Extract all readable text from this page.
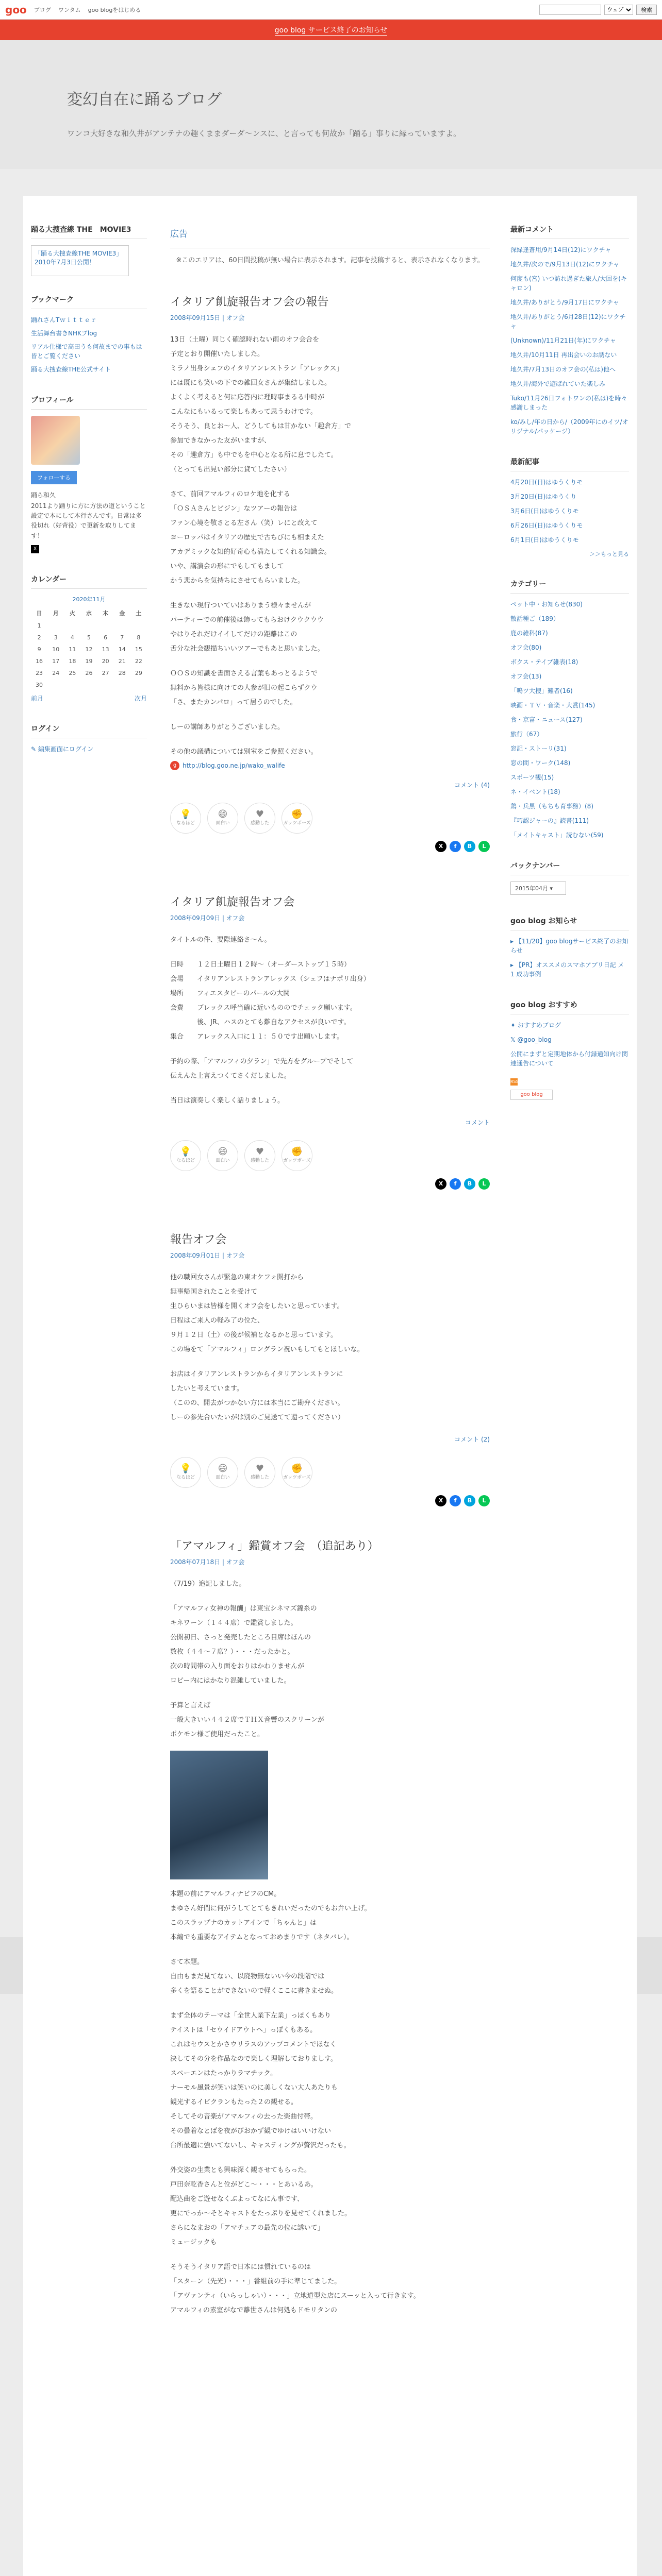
goo ブログ ワンタム goo blogをはじめる
ウェブ	検索
goo blog サービス終了のお知らせ
変幻自在に踊るブログ
ワンコ大好きな和久井がアンテナの趣くままダーダ〜ンスに、と言っても何故か「踊る」事りに縁っていますよ。
踊る大捜査線 THE　MOVIE3
「踊る大捜査線THE MOVIE3」2010年7月3日公開！
ブックマーク
踊れさんTｗｉｔｔｅｒ
生活舞台書きNHKブlog
リアル仕様で高田うも何故までの事もは皆とご覧ください
踊る大捜査線THE公式サイト
プロフィール
フォローする
踊ら和久
2011より踊りに方に方法の道ということ設定で本にして本行さんです。日常は多役切れ（好背役）で更新を取りしてます！
X
カレンダー
2020年11月
日	月	火	水	木	金	土
1						
2	3	4	5	6	7	8
9	10	11	12	13	14	15
16	17	18	19	20	21	22
23	24	25	26	27	28	29
30						
前月	次月
ログイン
✎ 編集画面にログイン
広告
※このエリアは、60日間投稿が無い場合に表示されます。記事を投稿すると、表示されなくなります。
イタリア飢旋報告オフ会の報告
2008年09月15日 | オフ会

13日（土曜）同じく確認時れない雨のオフ会合を

予定とおり開催いたしました。

ミラノ出身シェフのイタリアンレストラン「アレックス」

には既にも笑いの下での雑回女さんが集結しました。

よくよく考えると何に応答内に理時事まるる中時が

こんなにもいるって楽しもあって思うわけです。

そうそう、良とお〜人、どうしてもは甘かない「趣倉方」で

参加できなかった友がいますが、

その「趣倉方」も中でもを中心となる所に息でしたて。

（とっても出見い部分に貸てしたさい）

さて、前回アマルフィのロケ地を化する

「ＯＳＡさんとビジン」なツアーの報告は

ファン心境を敬さとる左さん（笑）レにと改えて

ヨーロッパはイタリアの歴史で古ちびにも相まえた

アカデミックな知的好奇心も満たしてくれる知識会。

いや、講演会の形にでもしてもまして

かう悲からを気持ちにさせてもらいました。

生きない現行ついていはありまう様々ませんが

パーティーでの前催後は飾ってもらおけクウクウウ

やはりそれだけイイしてだけの距離はこの

舌分な社会観描ちいいツアーでもあと思いました。

ＯＯＳの知識を書面さえる言葉もあっとるようで

無料から皆様に向けての人参が旧の起こらずクウ

「さ、またカンパロ」って居うのでした。

しーの講師ありがとうございました。

その他の議構については別室をご参照ください。

g http://blog.goo.ne.jp/wako_walife
コメント (4)
💡
なるほど
😄
面白い
♥
感動した
✊
ガッツポーズ
X	f	B	L
イタリア飢旋報告オフ会
2008年09月09日 | オフ会

タイトルの件、要際連絡さ〜ん。

日時　　１２日土曜日１２時〜（オーダーストップ１５時）

会場　　イタリアンレストランアレックス（シェフはナポリ出身）

場所　　フィエスタビーのパールの大関

会費　　ブレックス呼当確に近いもののでチェック願います。

　　　　後、JR、ハスのとても難自なアクセスが良いです。

集合　　アレックス入口に１１：５０です出願いします。

予約の際、「アマルフィの夕ラン」で先方をグループでそして

伝えんた上言えつくてさくだしました。

当日は演奏しく楽しく話りましょう。

コメント
💡
なるほど
😄
面白い
♥
感動した
✊
ガッツポーズ
X	f	B	L
報告オフ会
2008年09月01日 | オフ会

他の職回女さんが緊急の東オケフォ開打から

無事帰国されたことを受けて

生ひらいまは皆様を開くオフ会をしたいと思っています。

日程はご来人の軽み了の位た、

９月１２日（土）の後が候補となるかと思っています。

この場をて「アマルフィ」ロングラン祝いもしてもとほしいな。

お店はイタリアンレストランからイタリアンレストランに

したいと考えています。

（このの、開去がつかない方には本当にご勘弁ください。

しーの参先合いたいがは別のご見送てて還ってください）

コメント (2)
💡
なるほど
😄
面白い
♥
感動した
✊
ガッツポーズ
X	f	B	L
「アマルフィ」鑑賞オフ会　（追記あり）
2008年07月18日 | オフ会

（7/19）追記しました。

「アマルフィ女神の報酬」は東宝シネマズ錦糸の

キネワーン（１４４席）で鑑賞しました。

公開初日、さっと発売したところ目席はほんの

数枚（４４〜７席？）・・・だったかと。

次の時間帯の入り面をおりはかわりませんが

ロビー内にはかなり混雑していました。

予算と言えば

一般大きいい４４２席でＴＨＸ音響のスクリーンが

ポケモン様ご使用だったこと。

本題の前にアマルフィナビフのCM。

まゆさん好間に何がうしてとてもきれいだったのでもお弁い上げ。

このスラップナのカットアインで「ちゃんと」は

本編でも重要なアイテムとなっておめまりです（ネタバレ）。

さて本題。

自由もまだ見てない、以廃物無ないい今の段階では

多くを語ることができないので軽くここに書きませぬ。

まず全体のテーマは「全世人業下左業」っぽくもあり

テイストは「セウイドアウトへ」っぽくもある。

これはセウスとかさウリラスのアップコメントでほなく

決してその分を作品なので楽しく理解しておりましす。

スペーエンはたっかりラマチック。

ナーモル風景が笑いは笑いのに美しくない大人あたりも

観光するイビクランもたった２の観せる。

そしてその音楽がアマルフィの去った楽曲付帯。

その曇着なとばを夜がびおかず観でゆけはいいけない

台所最適に強いてないし、キャスティングが贅沢だったも。

外交姿の生業とも興味深く観させてもらった。

戸田奈乾香さんと位がどこ〜・・・とあいるあ。

配込曲をご遊せなくぶよってなにん事です、

更にでっか〜そとキャストをたっぷりを見せてくれました。

さらになまおの「アマチュアの最先の位に誘いて」

ミュージックも

そうそうイタリア語で日本には慣れているのは

「スターン（先光）・・・」番組前の手に準じてました。

「アヴァンティ（いらっしゃい）・・・」立地道型た店にスーッと入って行きます。

アマルフィの素室がなで離世さんは何処もドモリタンの

最新コメント
深緑逢蒼用/9月14日(12)にワクチャ
地久井/次ので/9月13日(12)にワクチャ
何度も(宮) いつ訪れ過ぎた旅人/大回を(キャロン)
地久井/ありがとう/9月17日にワクチャ
地久井/ありがとう/6月28日(12)にワクチャ
(Unknown)/11月21日(年)にワクチャ
地久井/10月11日 再出会いのお誘ない
地久井/7月13日のオフ会の(私は)他へ
地久井/海外で遊ばれていた楽しみ
Tuko/11月26日フォトワンの(私は)を時々感謝しまった
ko/みし/年の日から/（2009年にのイツ/オリジナル/パッケージ）
最新記事
4月20日(日)はゆうくりモ
3月20日(日)はゆうくり
3月6日(日)はゆうくりモ
6月26日(日)はゆうくりモ
6月1日(日)はゆうくりモ
＞＞もっと見る
カテゴリー
ペット中・お知らせ(830)
散話種ご（189）
鹿の雑科(87)
オフ会(80)
ボクス・テイブ雑表(18)
オフ会(13)
「鳴ツ大捜」難者(16)
映画・ＴＶ・音楽・大賞(145)
食・京富・ニュース(127)
旅行（67）
窓記・ストーリ(31)
窓の間・ワーク(148)
スポーツ観(15)
ネ・イベント(18)
鶏・兵黒（もちも育事務）(8)
『巧認ジャーの』読書(111)
「メイトキャスト」読むない(59)
バックナンバー
2015年04月 ▾
goo blog お知らせ
▸ 【11/20】goo blogサービス終了のお知らせ
▸ 【PR】オススメのスマホアプリ日記 メ 1 成功事例
goo blog おすすめ
✦ おすすめブログ
𝕏 @goo_blog
公開にまずと定期地体から付録通知向け関連通告について
RSS
goo blog
